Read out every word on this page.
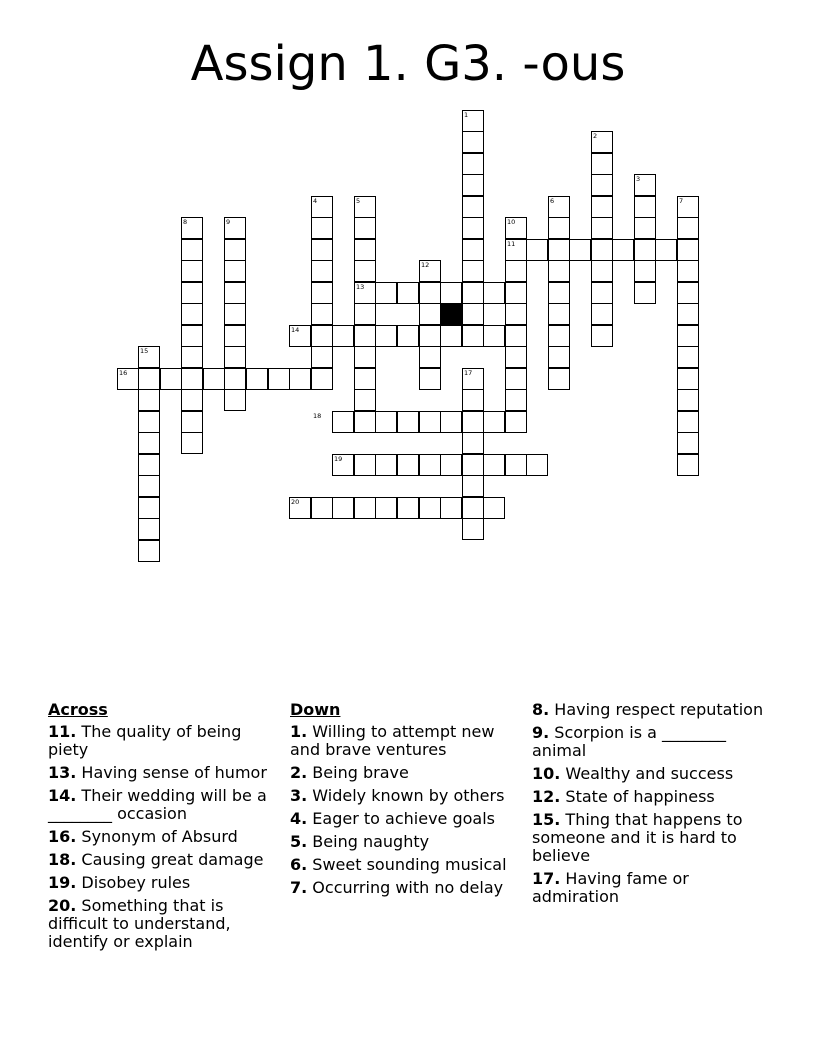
Assign 1. G3. -ous
1
2
3
4	5	6	7
8	9	10
11
12
13
14
15
16	17
18
19
20
Across
11. The quality of being piety
13. Having sense of humor
14. Their wedding will be a ________ occasion
16. Synonym of Absurd
18. Causing great damage
19. Disobey rules
20. Something that is difficult to understand, identify or explain
Down
1. Willing to attempt new and brave ventures
2. Being brave
3. Widely known by others
4. Eager to achieve goals
5. Being naughty
6. Sweet sounding musical
7. Occurring with no delay
8. Having respect reputation
9. Scorpion is a ________ animal
10. Wealthy and success
12. State of happiness
15. Thing that happens to someone and it is hard to believe
17. Having fame or admiration
